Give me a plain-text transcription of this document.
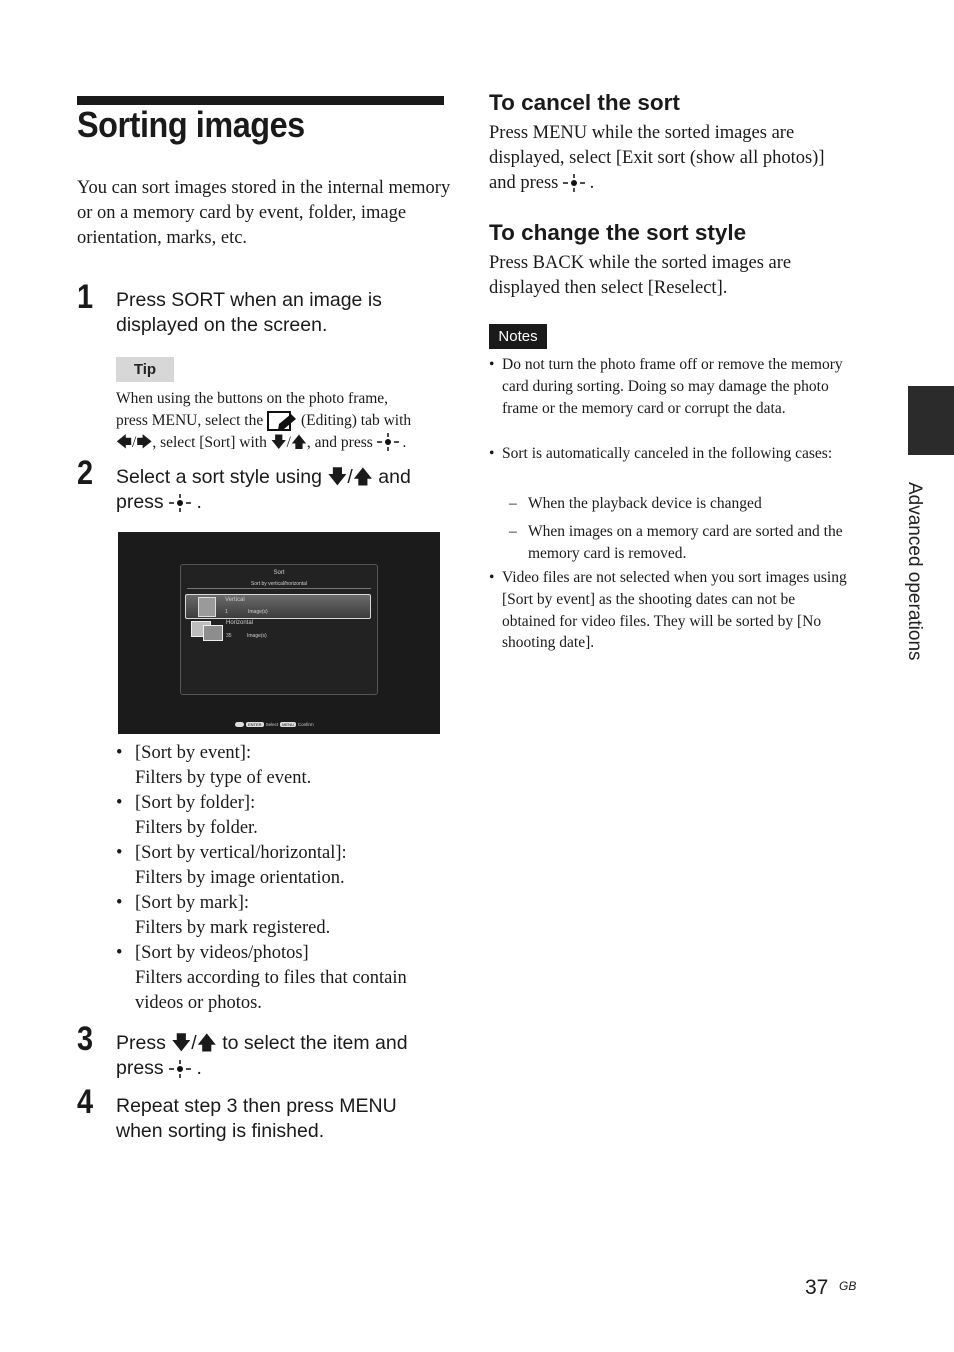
Sorting images
You can sort images stored in the internal memory or on a memory card by event, folder, image orientation, marks, etc.
1 Press SORT when an image is displayed on the screen.
Tip
When using the buttons on the photo frame,
press MENU, select the  (Editing) tab with
🡄/🡆, select [Sort] with 🡇/🡅, and press  .
2 Select a sort style using 🡇/🡅 and
press  .
Sort
Sort by vertical/horizontal
Vertical
1	Image(s)
Horizontal
35	Image(s)
ENTER Select	MENU Confirm
• [Sort by event]:
Filters by type of event.
• [Sort by folder]:
Filters by folder.
• [Sort by vertical/horizontal]:
Filters by image orientation.
• [Sort by mark]:
Filters by mark registered.
• [Sort by videos/photos]
Filters according to files that contain videos or photos.
3 Press 🡇/🡅 to select the item and
press  .
4 Repeat step 3 then press MENU when sorting is finished.
To cancel the sort
Press MENU while the sorted images are displayed, select [Exit sort (show all photos)] and press  .
To change the sort style
Press BACK while the sorted images are displayed then select [Reselect].
Notes
• Do not turn the photo frame off or remove the memory card during sorting. Doing so may damage the photo frame or the memory card or corrupt the data.
• Sort is automatically canceled in the following cases:
– When the playback device is changed
– When images on a memory card are sorted and the memory card is removed.
• Video files are not selected when you sort images using [Sort by event] as the shooting dates can not be obtained for video files. They will be sorted by [No shooting date].	Advanced operations
37 GB
